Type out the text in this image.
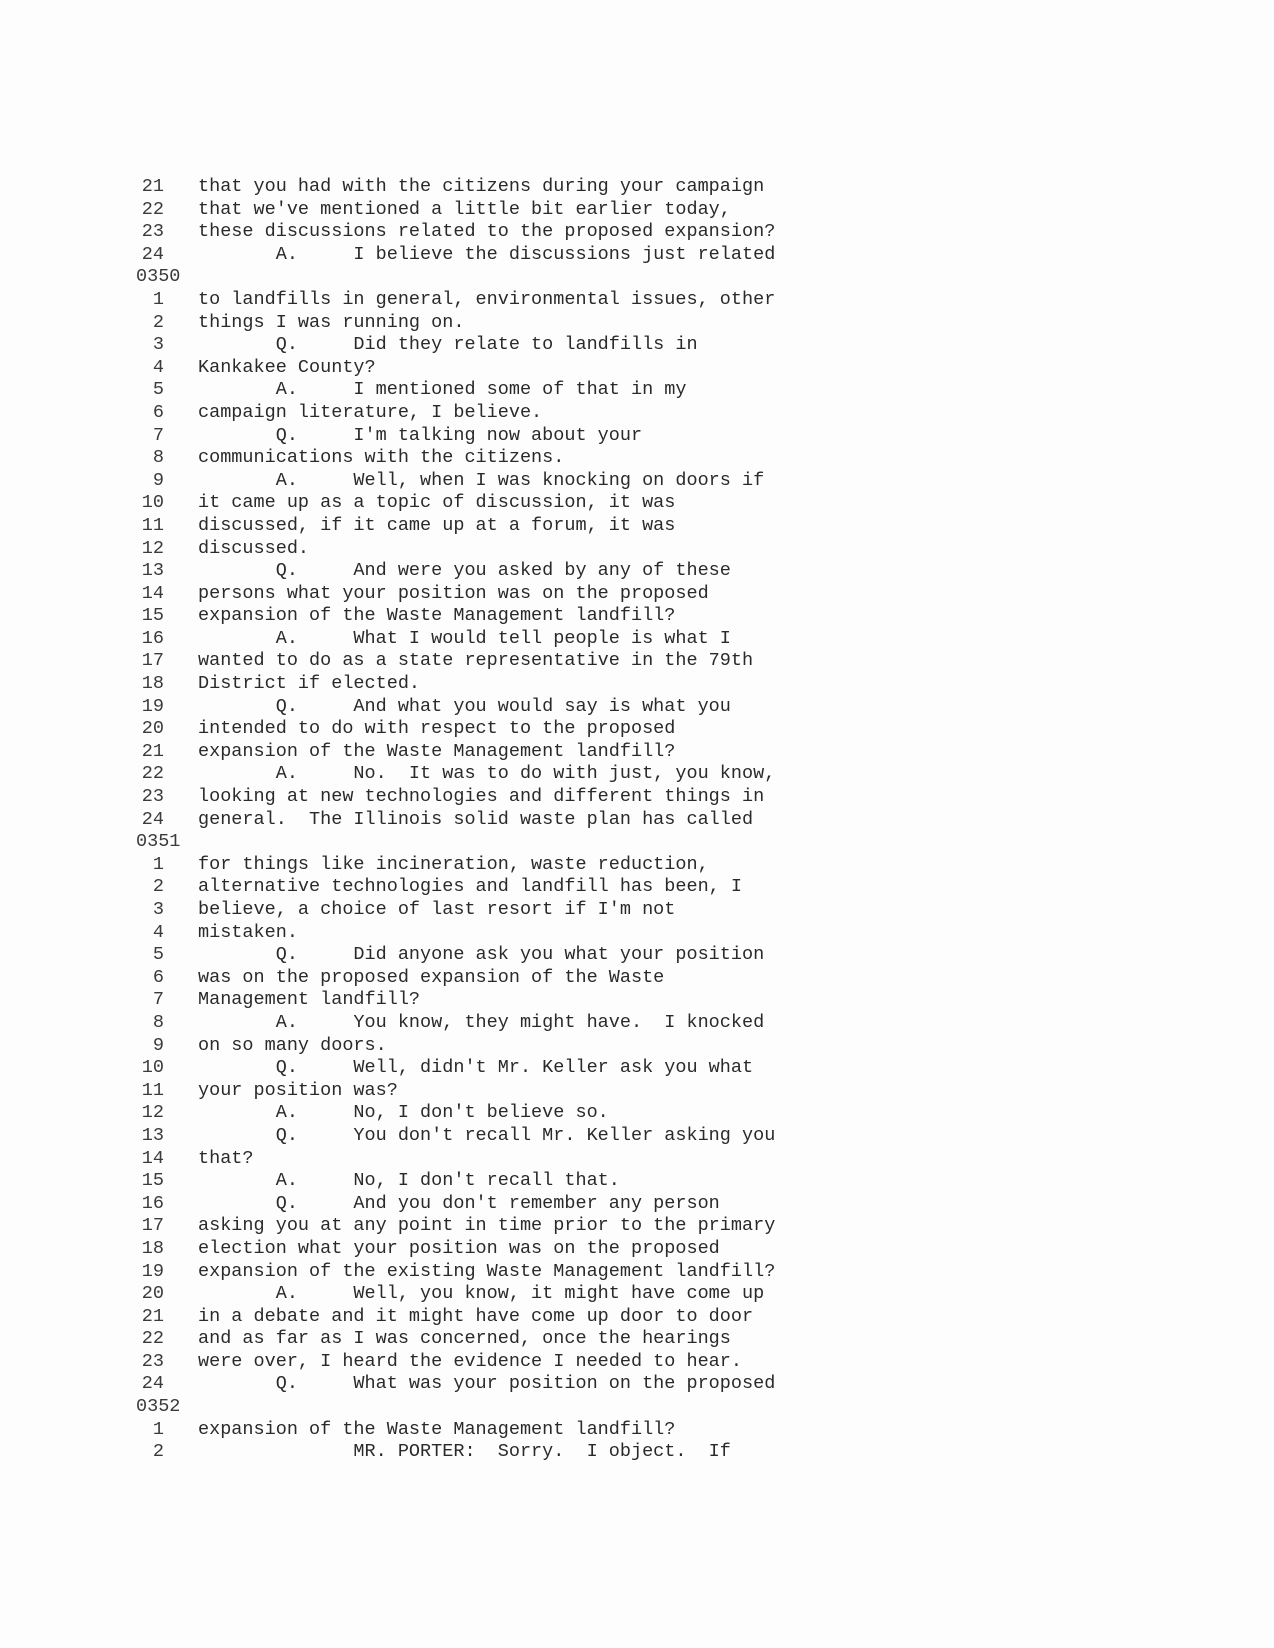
21 that you had with the citizens during your campaign
22 that we've mentioned a little bit earlier today,
23 these discussions related to the proposed expansion?
24 A.     I believe the discussions just related
0350
1 to landfills in general, environmental issues, other
2 things I was running on.
3 Q.     Did they relate to landfills in
4 Kankakee County?
5 A.     I mentioned some of that in my
6 campaign literature, I believe.
7 Q.     I'm talking now about your
8 communications with the citizens.
9 A.     Well, when I was knocking on doors if
10 it came up as a topic of discussion, it was
11 discussed, if it came up at a forum, it was
12 discussed.
13 Q.     And were you asked by any of these
14 persons what your position was on the proposed
15 expansion of the Waste Management landfill?
16 A.     What I would tell people is what I
17 wanted to do as a state representative in the 79th
18 District if elected.
19 Q.     And what you would say is what you
20 intended to do with respect to the proposed
21 expansion of the Waste Management landfill?
22 A.     No.  It was to do with just, you know,
23 looking at new technologies and different things in
24 general.  The Illinois solid waste plan has called
0351
1 for things like incineration, waste reduction,
2 alternative technologies and landfill has been, I
3 believe, a choice of last resort if I'm not
4 mistaken.
5 Q.     Did anyone ask you what your position
6 was on the proposed expansion of the Waste
7 Management landfill?
8 A.     You know, they might have.  I knocked
9 on so many doors.
10 Q.     Well, didn't Mr. Keller ask you what
11 your position was?
12 A.     No, I don't believe so.
13 Q.     You don't recall Mr. Keller asking you
14 that?
15 A.     No, I don't recall that.
16 Q.     And you don't remember any person
17 asking you at any point in time prior to the primary
18 election what your position was on the proposed
19 expansion of the existing Waste Management landfill?
20 A.     Well, you know, it might have come up
21 in a debate and it might have come up door to door
22 and as far as I was concerned, once the hearings
23 were over, I heard the evidence I needed to hear.
24 Q.     What was your position on the proposed
0352
1 expansion of the Waste Management landfill?
2 MR. PORTER:  Sorry.  I object.  If
